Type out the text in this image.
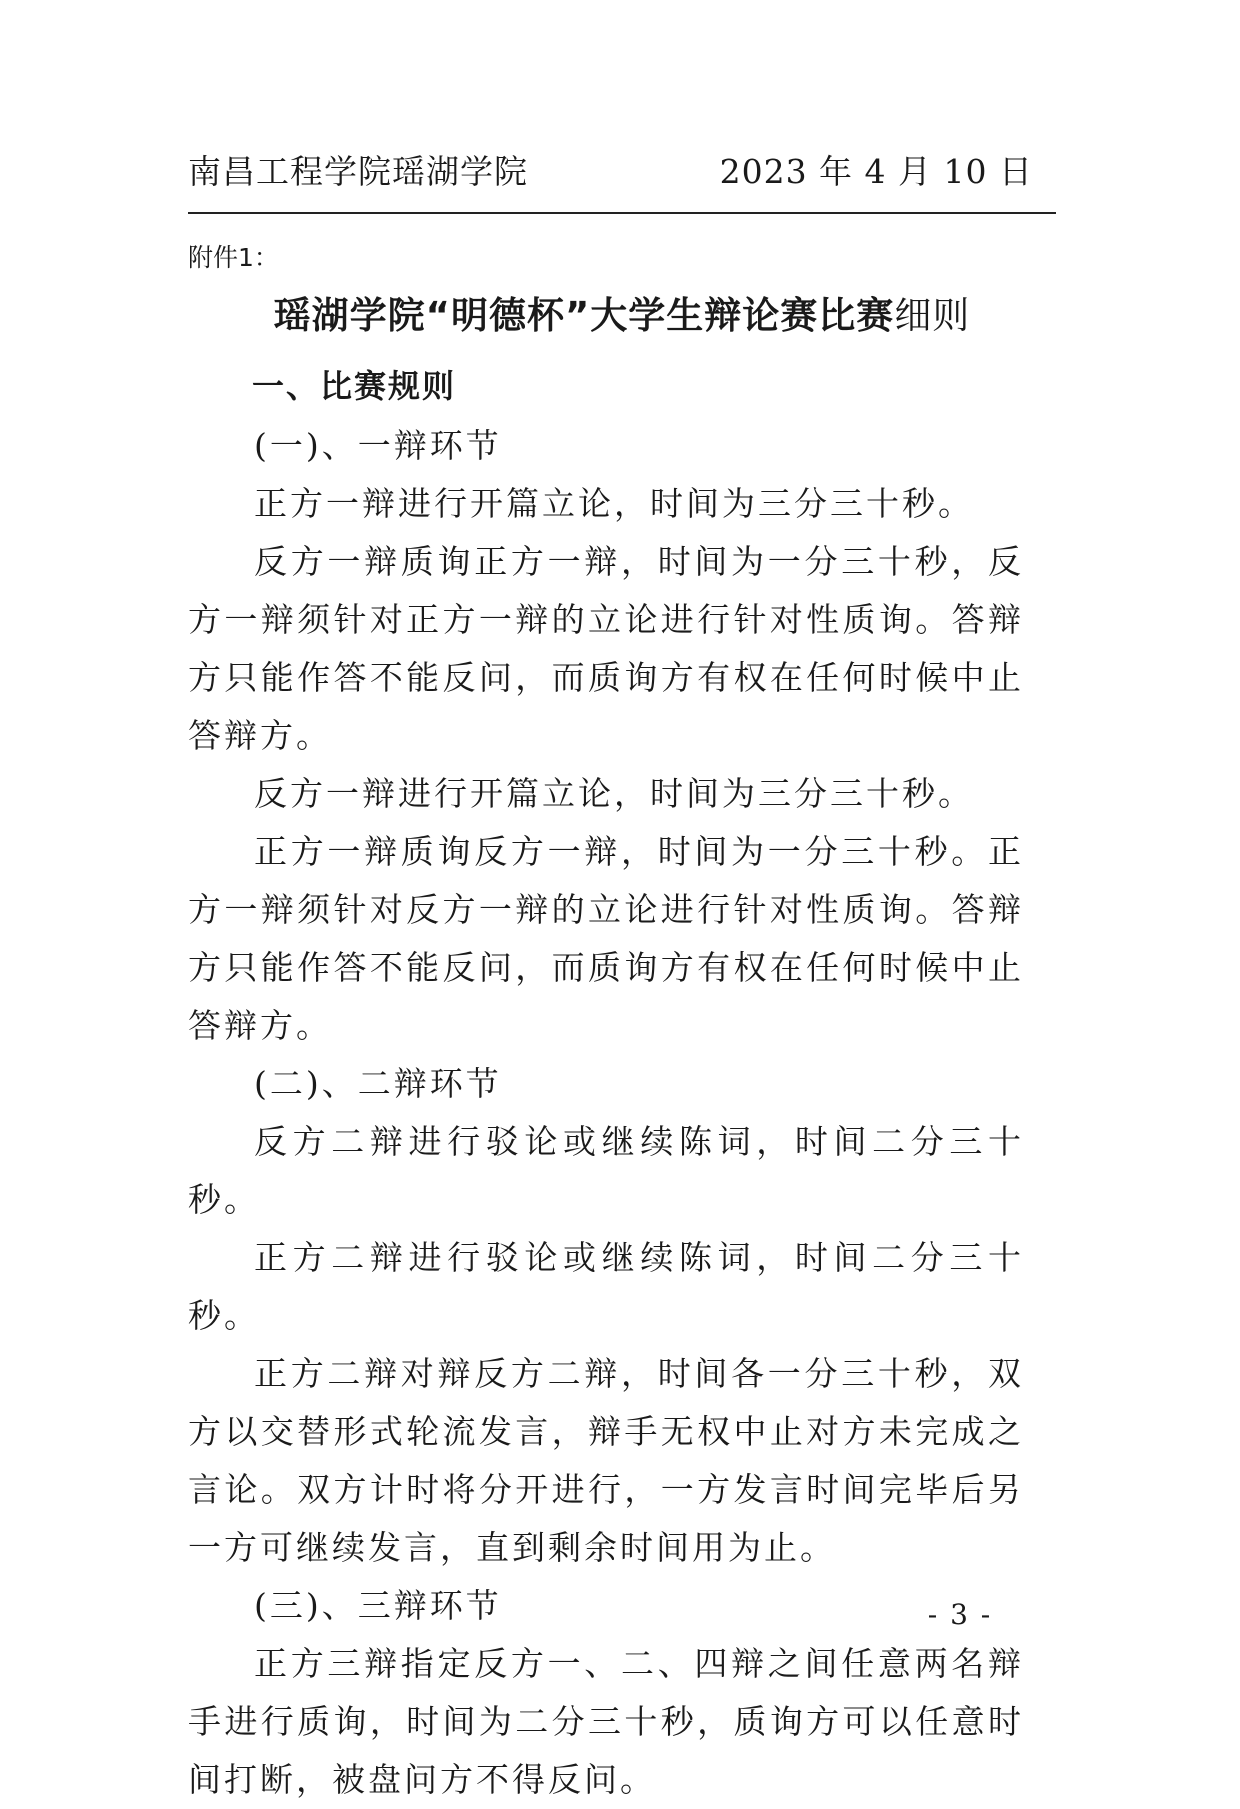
南昌工程学院瑶湖学院	2023 年 4 月 10 日
附件1：
瑶湖学院“明德杯”大学生辩论赛比赛细则

一、比赛规则

(一)、一辩环节

正方一辩进行开篇立论，时间为三分三十秒。

反方一辩质询正方一辩，时间为一分三十秒，反方一辩须针对正方一辩的立论进行针对性质询。答辩方只能作答不能反问，而质询方有权在任何时候中止答辩方。

反方一辩进行开篇立论，时间为三分三十秒。

正方一辩质询反方一辩，时间为一分三十秒。正方一辩须针对反方一辩的立论进行针对性质询。答辩方只能作答不能反问，而质询方有权在任何时候中止答辩方。

(二)、二辩环节

反方二辩进行驳论或继续陈词，时间二分三十秒。

正方二辩进行驳论或继续陈词，时间二分三十秒。

正方二辩对辩反方二辩，时间各一分三十秒，双方以交替形式轮流发言，辩手无权中止对方未完成之言论。双方计时将分开进行，一方发言时间完毕后另一方可继续发言，直到剩余时间用为止。

(三)、三辩环节

正方三辩指定反方一、二、四辩之间任意两名辩手进行质询，时间为二分三十秒，质询方可以任意时间打断，被盘问方不得反问。

- 3 -
